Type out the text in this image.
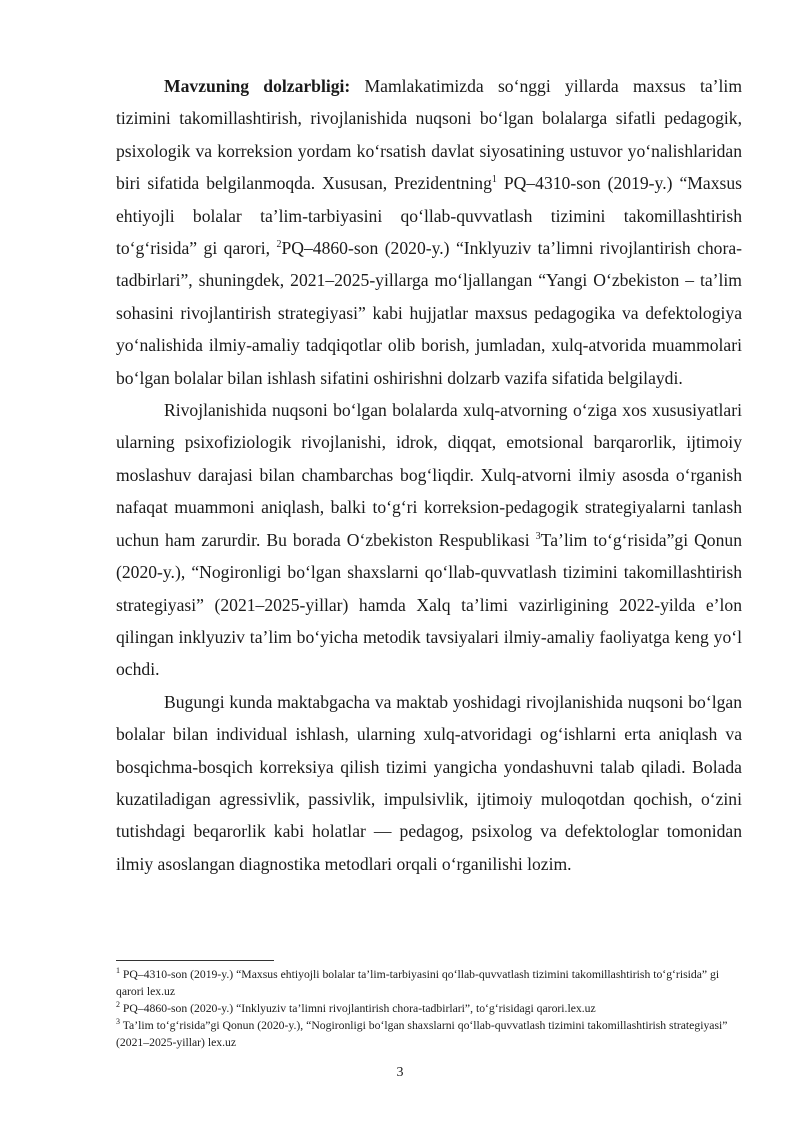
Mavzuning dolzarbligi: Mamlakatimizda so‘nggi yillarda maxsus ta’lim tizimini takomillashtirish, rivojlanishida nuqsoni bo‘lgan bolalarga sifatli pedagogik, psixologik va korreksion yordam ko‘rsatish davlat siyosatining ustuvor yo‘nalishlaridan biri sifatida belgilanmoqda. Xususan, Prezidentning$^1$ PQ–4310-son (2019-y.) “Maxsus ehtiyojli bolalar ta’lim-tarbiyasini qo‘llab-quvvatlash tizimini takomillashtirish to‘g‘risida” gi qarori, $^2$PQ–4860-son (2020-y.) “Inklyuziv ta’limni rivojlantirish chora-tadbirlari”, shuningdek, 2021–2025-yillarga mo‘ljallangan “Yangi O‘zbekiston – ta’lim sohasini rivojlantirish strategiyasi” kabi hujjatlar maxsus pedagogika va defektologiya yo‘nalishida ilmiy-amaliy tadqiqotlar olib borish, jumladan, xulq-atvorida muammolari bo‘lgan bolalar bilan ishlash sifatini oshirishni dolzarb vazifa sifatida belgilaydi.

Rivojlanishida nuqsoni bo‘lgan bolalarda xulq-atvorning o‘ziga xos xususiyatlari ularning psixofiziologik rivojlanishi, idrok, diqqat, emotsional barqarorlik, ijtimoiy moslashuv darajasi bilan chambarchas bog‘liqdir. Xulq-atvorni ilmiy asosda o‘rganish nafaqat muammoni aniqlash, balki to‘g‘ri korreksion-pedagogik strategiyalarni tanlash uchun ham zarurdir. Bu borada O‘zbekiston Respublikasi $^3$Ta’lim to‘g‘risida”gi Qonun (2020-y.), “Nogironligi bo‘lgan shaxslarni qo‘llab-quvvatlash tizimini takomillashtirish strategiyasi” (2021–2025-yillar) hamda Xalq ta’limi vazirligining 2022-yilda e’lon qilingan inklyuziv ta’lim bo‘yicha metodik tavsiyalari ilmiy-amaliy faoliyatga keng yo‘l ochdi.

Bugungi kunda maktabgacha va maktab yoshidagi rivojlanishida nuqsoni bo‘lgan bolalar bilan individual ishlash, ularning xulq-atvoridagi og‘ishlarni erta aniqlash va bosqichma-bosqich korreksiya qilish tizimi yangicha yondashuvni talab qiladi. Bolada kuzatiladigan agressivlik, passivlik, impulsivlik, ijtimoiy muloqotdan qochish, o‘zini tutishdagi beqarorlik kabi holatlar — pedagog, psixolog va defektologlar tomonidan ilmiy asoslangan diagnostika metodlari orqali o‘rganilishi lozim.

$^1$ PQ–4310-son (2019-y.) “Maxsus ehtiyojli bolalar ta’lim-tarbiyasini qo‘llab-quvvatlash tizimini takomillashtirish to‘g‘risida” gi qarori lex.uz

$^2$ PQ–4860-son (2020-y.) “Inklyuziv ta’limni rivojlantirish chora-tadbirlari”, to‘g‘risidagi qarori.lex.uz

$^3$ Ta’lim to‘g‘risida”gi Qonun (2020-y.), “Nogironligi bo‘lgan shaxslarni qo‘llab-quvvatlash tizimini takomillashtirish strategiyasi” (2021–2025-yillar) lex.uz

3
